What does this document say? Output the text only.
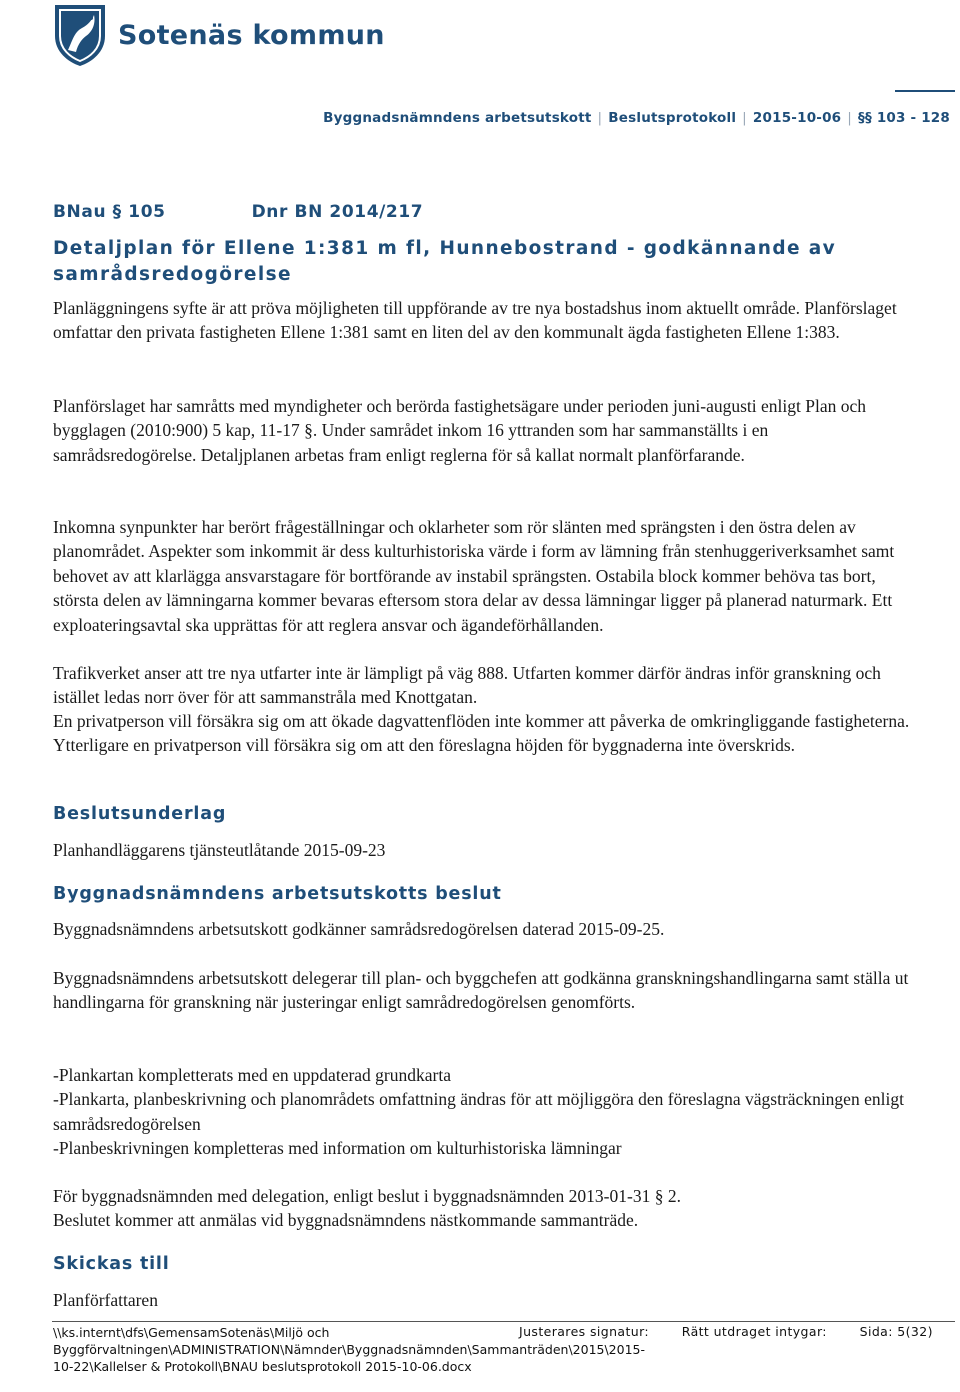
Sotenäs kommun
Byggnadsnämndens arbetsutskott | Beslutsprotokoll | 2015-10-06 | §§ 103 - 128
BNau § 105	Dnr BN 2014/217
Detaljplan för Ellene 1:381 m fl, Hunnebostrand - godkännande av samrådsredogörelse

Planläggningens syfte är att pröva möjligheten till uppförande av tre nya bostadshus inom aktuellt område. Planförslaget omfattar den privata fastigheten Ellene 1:381 samt en liten del av den kommunalt ägda fastigheten Ellene 1:383.

Planförslaget har samråtts med myndigheter och berörda fastighetsägare under perioden juni-augusti enligt Plan och bygglagen (2010:900) 5 kap, 11-17 §. Under samrådet inkom 16 yttranden som har sammanställts i en samrådsredogörelse. Detaljplanen arbetas fram enligt reglerna för så kallat normalt planförfarande.

Inkomna synpunkter har berört frågeställningar och oklarheter som rör slänten med sprängsten i den östra delen av planområdet. Aspekter som inkommit är dess kulturhistoriska värde i form av lämning från stenhuggeriverksamhet samt behovet av att klarlägga ansvarstagare för bortförande av instabil sprängsten. Ostabila block kommer behöva tas bort, största delen av lämningarna kommer bevaras eftersom stora delar av dessa lämningar ligger på planerad naturmark. Ett exploateringsavtal ska upprättas för att reglera ansvar och ägandeförhållanden.

Trafikverket anser att tre nya utfarter inte är lämpligt på väg 888. Utfarten kommer därför ändras inför granskning och istället ledas norr över för att sammanstråla med Knottgatan.

En privatperson vill försäkra sig om att ökade dagvattenflöden inte kommer att påverka de omkringliggande fastigheterna. Ytterligare en privatperson vill försäkra sig om att den föreslagna höjden för byggnaderna inte överskrids.

Beslutsunderlag

Planhandläggarens tjänsteutlåtande 2015-09-23

Byggnadsnämndens arbetsutskotts beslut

Byggnadsnämndens arbetsutskott godkänner samrådsredogörelsen daterad 2015-09-25.

Byggnadsnämndens arbetsutskott delegerar till plan- och byggchefen att godkänna granskningshandlingarna samt ställa ut handlingarna för granskning när justeringar enligt samrådredogörelsen genomförts.

-Plankartan kompletterats med en uppdaterad grundkarta
-Plankarta, planbeskrivning och planområdets omfattning ändras för att möjliggöra den föreslagna vägsträckningen enligt samrådsredogörelsen
-Planbeskrivningen kompletteras med information om kulturhistoriska lämningar
För byggnadsnämnden med delegation, enligt beslut i byggnadsnämnden 2013-01-31 § 2.
Beslutet kommer att anmälas vid byggnadsnämndens nästkommande sammanträde.
Skickas till

Planförfattaren

\\ks.internt\dfs\GemensamSotenäs\Miljö och Byggförvaltningen\ADMINISTRATION\Nämnder\Byggnadsnämnden\Sammanträden\2015\2015-10-22\Kallelser & Protokoll\BNAU beslutsprotokoll 2015-10-06.docx
Justerares signatur:	Rätt utdraget intygar:	Sida: 5(32)
